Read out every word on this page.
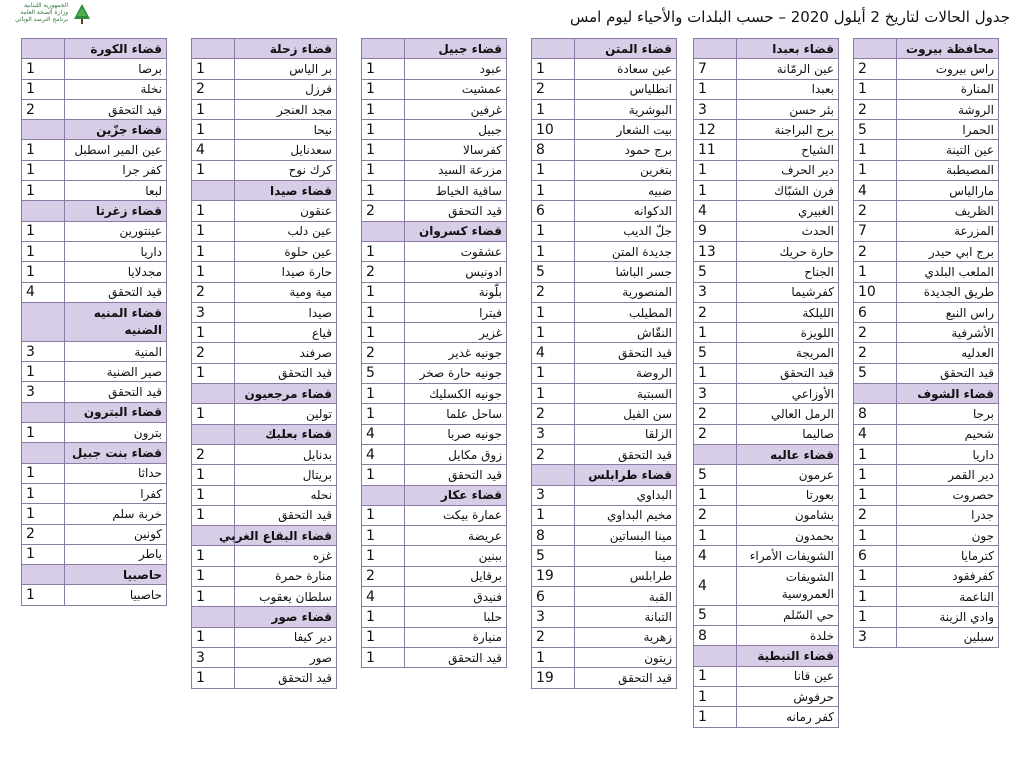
الجمهورية اللبنانية
وزارة الصحة العامة
برنامج الترصد الوبائي	جدول الحالات لتاريخ 2 أيلول 2020 – حسب البلدات والأحياء ليوم امس
محافظة بيروت	
راس بيروت	2
المنارة	1
الروشة	2
الحمرا	5
عين التينة	1
المصيطبة	1
مارالياس	4
الظريف	2
المزرعة	7
برج ابي حيدر	2
الملعب البلدي	1
طريق الجديدة	10
راس النبع	6
الأشرفية	2
العدليه	2
قيد التحقق	5
قضاء الشوف	
برجا	8
شحيم	4
داريا	1
دير القمر	1
حصروت	1
جدرا	2
جون	1
كترمايا	6
كفرفقود	1
الناعمة	1
وادي الزينة	1
سبلين	3
قضاء بعبدا	
عين الرمّانة	7
بعبدا	1
بئر حسن	3
برج البراجنة	12
الشياح	11
دير الحرف	1
فرن الشبّاك	1
الغبيري	4
الحدث	9
حارة حريك	13
الجناح	5
كفرشيما	3
الليلكة	2
اللويزة	1
المريجة	5
قيد التحقق	1
الأوزاعي	3
الرمل العالي	2
صاليما	2
قضاء عاليه	
عرمون	5
بعورتا	1
بشامون	2
بحمدون	1
الشويفات الأمراء	4
الشويفات العمروسية	4
حي السّلم	5
خلدة	8
قضاء النبطية	
عين قانا	1
حرفوش	1
كفر رمانه	1
قضاء المتن	
عين سعادة	1
انطلياس	2
البوشرية	1
بيت الشعار	10
برج حمود	8
بتغرين	1
ضبيه	1
الدكوانه	6
جلّ الديب	1
جديدة المتن	1
جسر الباشا	5
المنصورية	2
المطيلب	1
النقّاش	1
قيد التحقق	4
الروضة	1
السبتية	1
سن الفيل	2
الزلقا	3
قيد التحقق	2
قضاء طرابلس	
البداوي	3
مخيم البداوي	1
مينا البساتين	8
مينا	5
طرابلس	19
القبة	6
التبانة	3
زهرية	2
زيتون	1
قيد التحقق	19
قضاء جبيل	
عبود	1
عمشيت	1
غرفين	1
جبيل	1
كفرسالا	1
مزرعة السيد	1
ساقية الخياط	1
قيد التحقق	2
قضاء كسروان	
عشقوت	1
ادونيس	2
بلّونة	1
فيترا	1
غزير	1
جونيه غدير	2
جونيه حارة صخر	5
جونيه الكسليك	1
ساحل علما	1
جونيه صربا	4
زوق مكايل	4
قيد التحقق	1
قضاء عكار	
عمارة بيكت	1
عريضة	1
ببنين	1
برقايل	2
فنيدق	4
حلبا	1
منيارة	1
قيد التحقق	1
قضاء زحلة	
بر الياس	1
فرزل	2
مجد العنجر	1
نيحا	1
سعدنايل	4
كرك نوح	1
قضاء صيدا	
عنقون	1
عين دلب	1
عين حلوة	1
حارة صيدا	1
مية ومية	2
صيدا	3
قياع	1
صرفند	2
قيد التحقق	1
قضاء مرجعيون	
تولين	1
قضاء بعلبك	
بدنايل	2
بريتال	1
نحله	1
قيد التحقق	1
قضاء البقاع الغربي	
غزه	1
منارة حمرة	1
سلطان يعقوب	1
قضاء صور	
دير كيفا	1
صور	3
قيد التحقق	1
قضاء الكورة	
برصا	1
نخلة	1
قيد التحقق	2
قضاء جزّين	
عين المير اسطبل	1
كفر جرا	1
لبعا	1
قضاء زغرتا	
عينتورين	1
داريا	1
مجدلايا	1
قيد التحقق	4
قضاء المنيه الضنيه	
المنية	3
صير الضنية	1
قيد التحقق	3
قضاء البترون	
بترون	1
قضاء بنت جبيل	
حداثا	1
كفرا	1
خربة سلم	1
كونين	2
ياطر	1
حاصبيا	
حاصبيا	1
